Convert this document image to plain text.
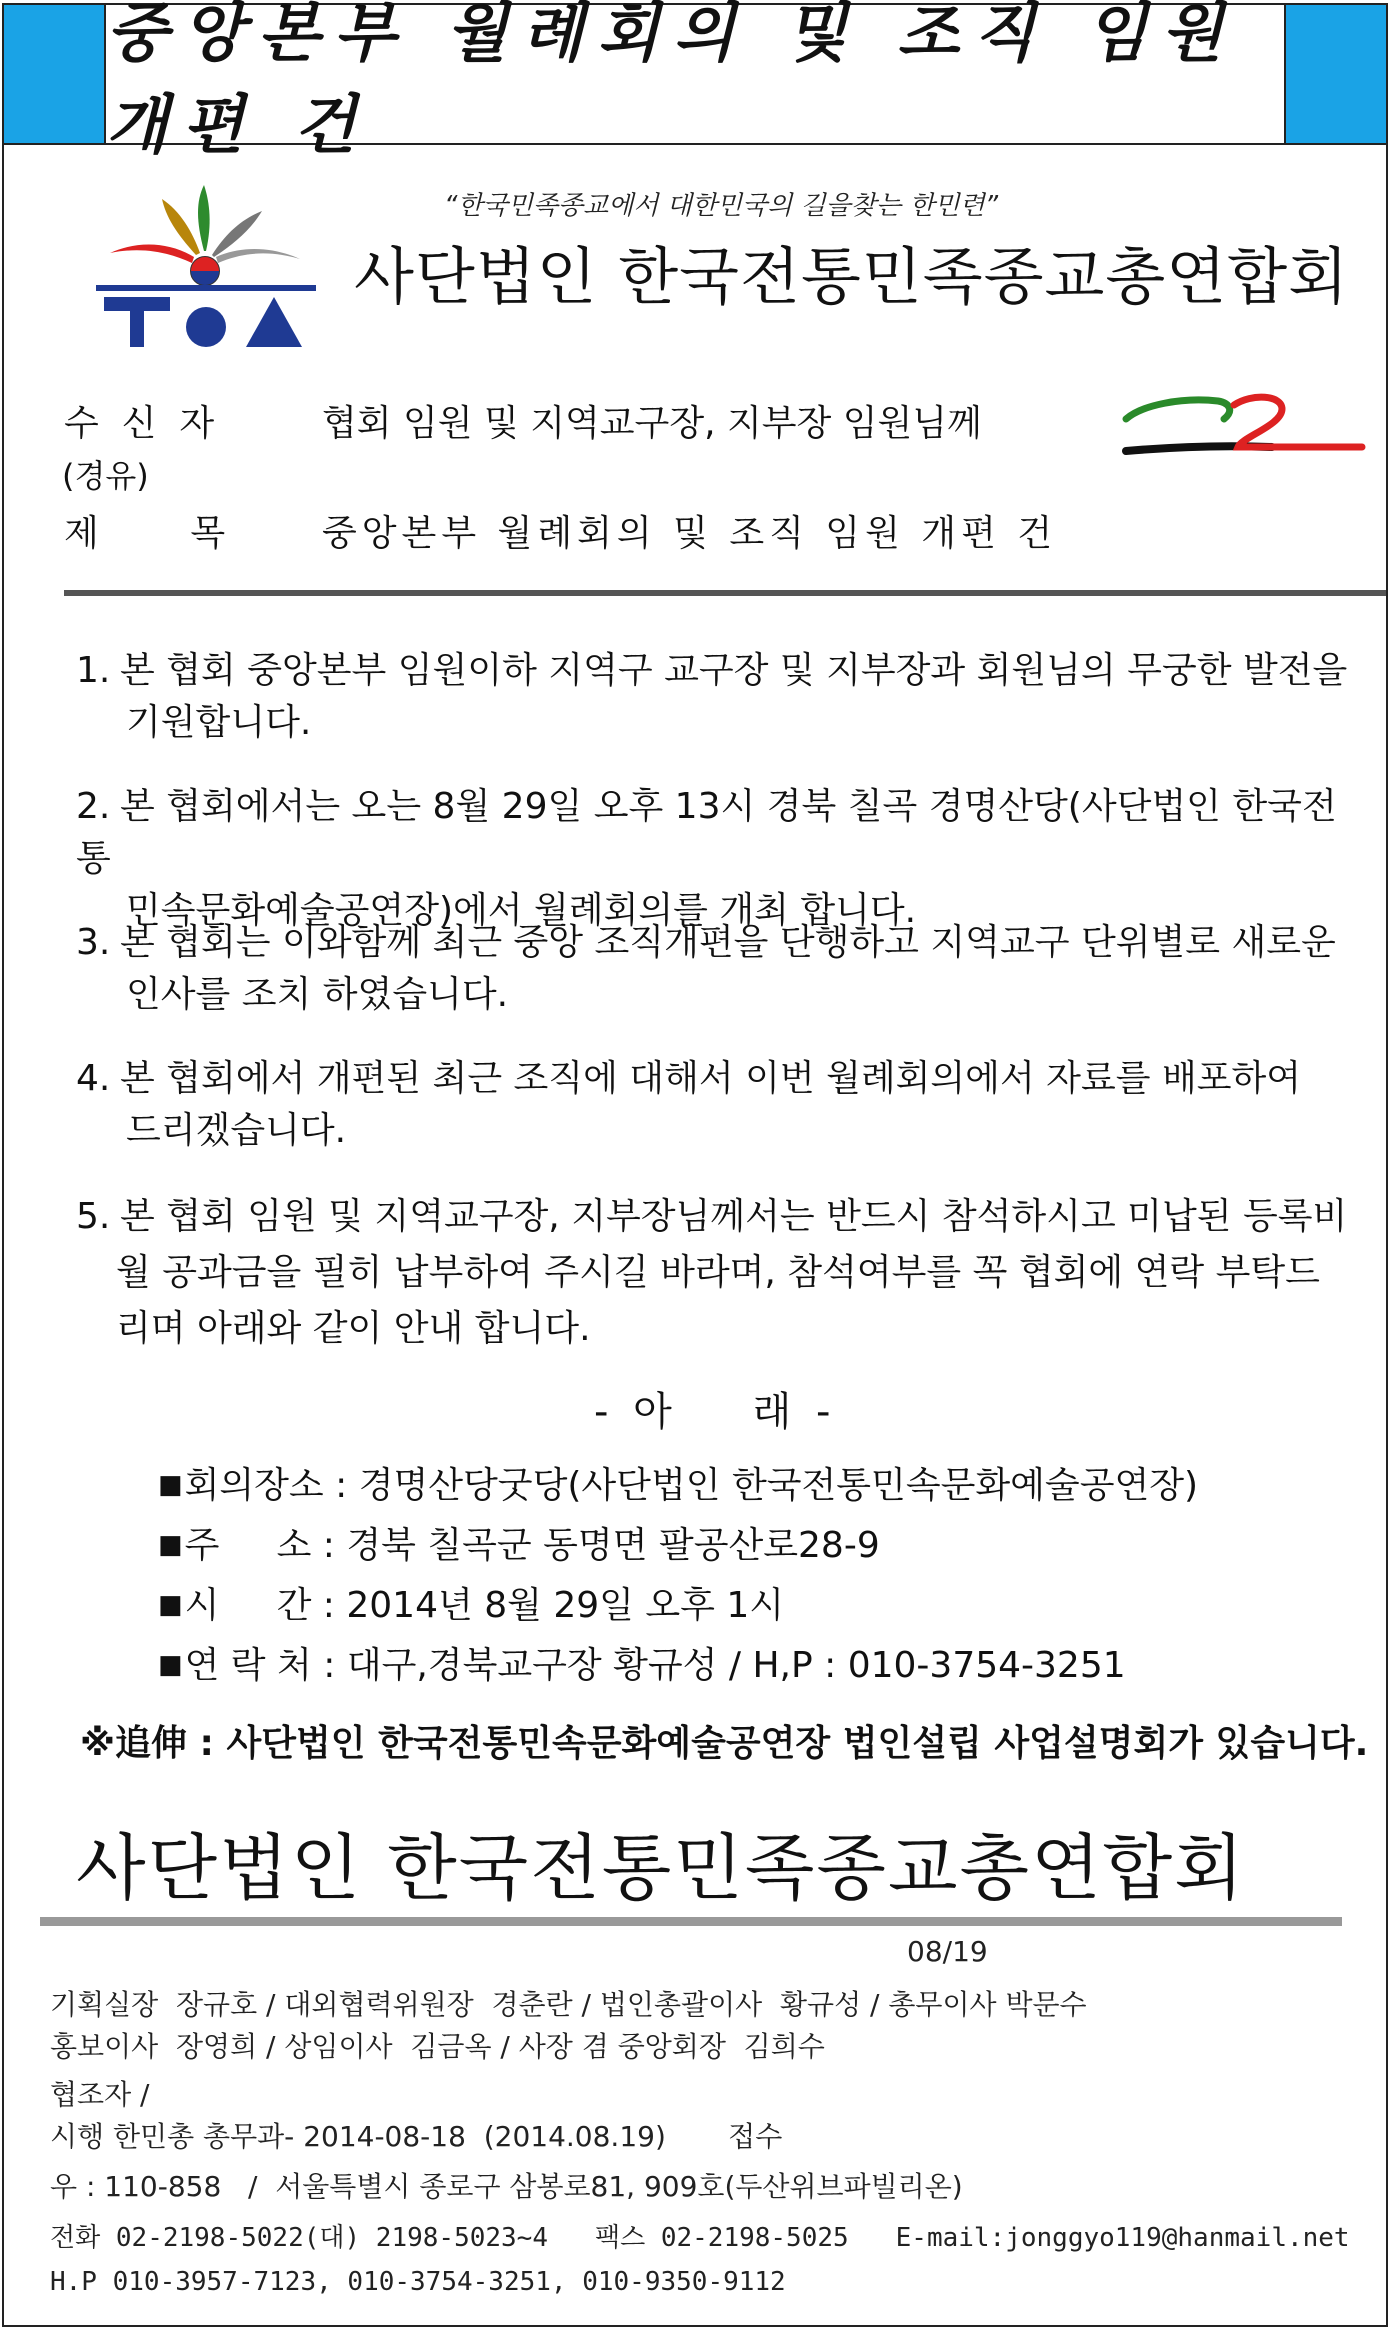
중앙본부 월례회의 및 조직 임원 개편 건
“한국민족종교에서 대한민국의 길을찾는 한민련”
TOA
사단법인 한국전통민족종교총연합회
수  신  자	협회 임원 및 지역교구장, 지부장 임원님께
(경유)
제        목	중앙본부 월례회의 및 조직 임원 개편 건
1. 본 협회 중앙본부 임원이하 지역구 교구장 및 지부장과 회원님의 무궁한 발전을
기원합니다.
2. 본 협회에서는 오는 8월 29일 오후 13시 경북 칠곡 경명산당(사단법인 한국전통
민속문화예술공연장)에서 월례회의를 개최 합니다.
3. 본 협회는 이와함께 최근 중앙 조직개편을 단행하고 지역교구 단위별로 새로운
인사를 조치 하였습니다.
4. 본 협회에서 개편된 최근 조직에 대해서 이번 월례회의에서 자료를 배포하여
드리겠습니다.
5. 본 협회 임원 및 지역교구장, 지부장님께서는 반드시 참석하시고 미납된 등록비
월 공과금을 필히 납부하여 주시길 바라며, 참석여부를 꼭 협회에 연락 부탁드
리며 아래와 같이 안내 합니다.
- 아    래 -
■회의장소 : 경명산당굿당(사단법인 한국전통민속문화예술공연장)
■주     소 : 경북 칠곡군 동명면 팔공산로28-9
■시     간 : 2014년 8월 29일 오후 1시
■연 락 처 : 대구,경북교구장 황규성 / H,P : 010-3754-3251
※追伸 : 사단법인 한국전통민속문화예술공연장 법인설립 사업설명회가 있습니다.
사단법인 한국전통민족종교총연합회
08/19
기획실장  장규호 / 대외협력위원장  경춘란 / 법인총괄이사  황규성 / 총무이사 박문수
홍보이사  장영희 / 상임이사  김금옥 / 사장 겸 중앙회장  김희수
협조자 /
시행 한민총 총무과- 2014-08-18  (2014.08.19)       접수
우 : 110-858   /  서울특별시 종로구 삼봉로81, 909호(두산위브파빌리온)
전화 02-2198-5022(대) 2198-5023~4   팩스 02-2198-5025   E-mail:jonggyo119@hanmail.net
H.P 010-3957-7123, 010-3754-3251, 010-9350-9112
